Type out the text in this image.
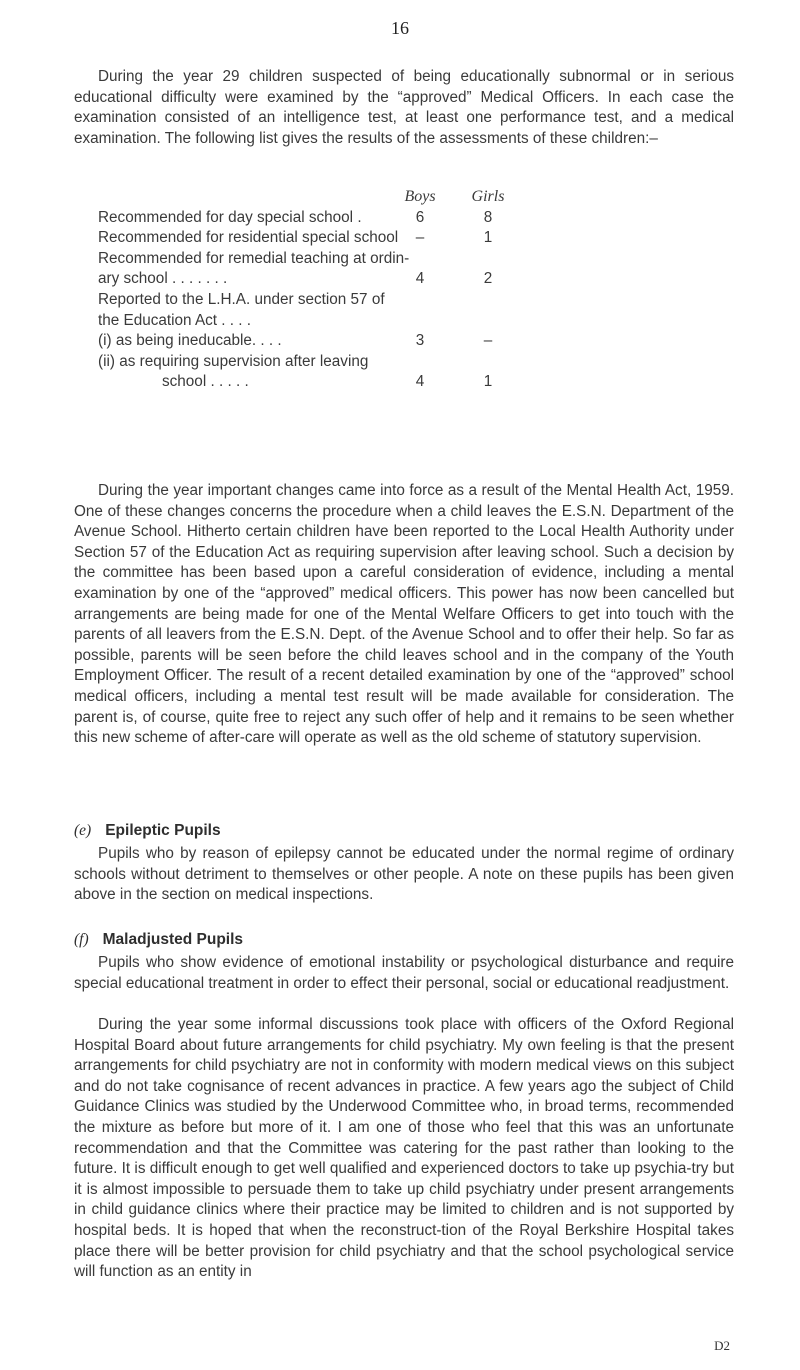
16

During the year 29 children suspected of being educationally subnormal or in serious educational difficulty were examined by the “approved” Medical Officers. In each case the examination consisted of an intelligence test, at least one performance test, and a medical examination. The following list gives the results of the assessments of these children:–

Boys	Girls
Recommended for day special school .	6	8
Recommended for residential special school	–	1
Recommended for remedial teaching at ordin-
ary school . . . . . . .	4	2
Reported to the L.H.A. under section 57 of
the Education Act . . . .
(i) as being ineducable. . . .	3	–
(ii) as requiring supervision after leaving
school . . . . .	4	1

During the year important changes came into force as a result of the Mental Health Act, 1959. One of these changes concerns the procedure when a child leaves the E.S.N. Department of the Avenue School. Hitherto certain children have been reported to the Local Health Authority under Section 57 of the Education Act as requiring supervision after leaving school. Such a decision by the committee has been based upon a careful consideration of evidence, including a mental examination by one of the “approved” medical officers. This power has now been cancelled but arrangements are being made for one of the Mental Welfare Officers to get into touch with the parents of all leavers from the E.S.N. Dept. of the Avenue School and to offer their help. So far as possible, parents will be seen before the child leaves school and in the company of the Youth Employment Officer. The result of a recent detailed examination by one of the “approved” school medical officers, including a mental test result will be made available for consideration. The parent is, of course, quite free to reject any such offer of help and it remains to be seen whether this new scheme of after-care will operate as well as the old scheme of statutory supervision.

(e) Epileptic Pupils

Pupils who by reason of epilepsy cannot be educated under the normal regime of ordinary schools without detriment to themselves or other people. A note on these pupils has been given above in the section on medical inspections.

(f) Maladjusted Pupils

Pupils who show evidence of emotional instability or psychological disturbance and require special educational treatment in order to effect their personal, social or educational readjustment.

During the year some informal discussions took place with officers of the Oxford Regional Hospital Board about future arrangements for child psychiatry. My own feeling is that the present arrangements for child psychiatry are not in conformity with modern medical views on this subject and do not take cognisance of recent advances in practice. A few years ago the subject of Child Guidance Clinics was studied by the Underwood Committee who, in broad terms, recommended the mixture as before but more of it. I am one of those who feel that this was an unfortunate recommendation and that the Committee was catering for the past rather than looking to the future. It is difficult enough to get well qualified and experienced doctors to take up psychia-try but it is almost impossible to persuade them to take up child psychiatry under present arrangements in child guidance clinics where their practice may be limited to children and is not supported by hospital beds. It is hoped that when the reconstruct-tion of the Royal Berkshire Hospital takes place there will be better provision for child psychiatry and that the school psychological service will function as an entity in

D2
